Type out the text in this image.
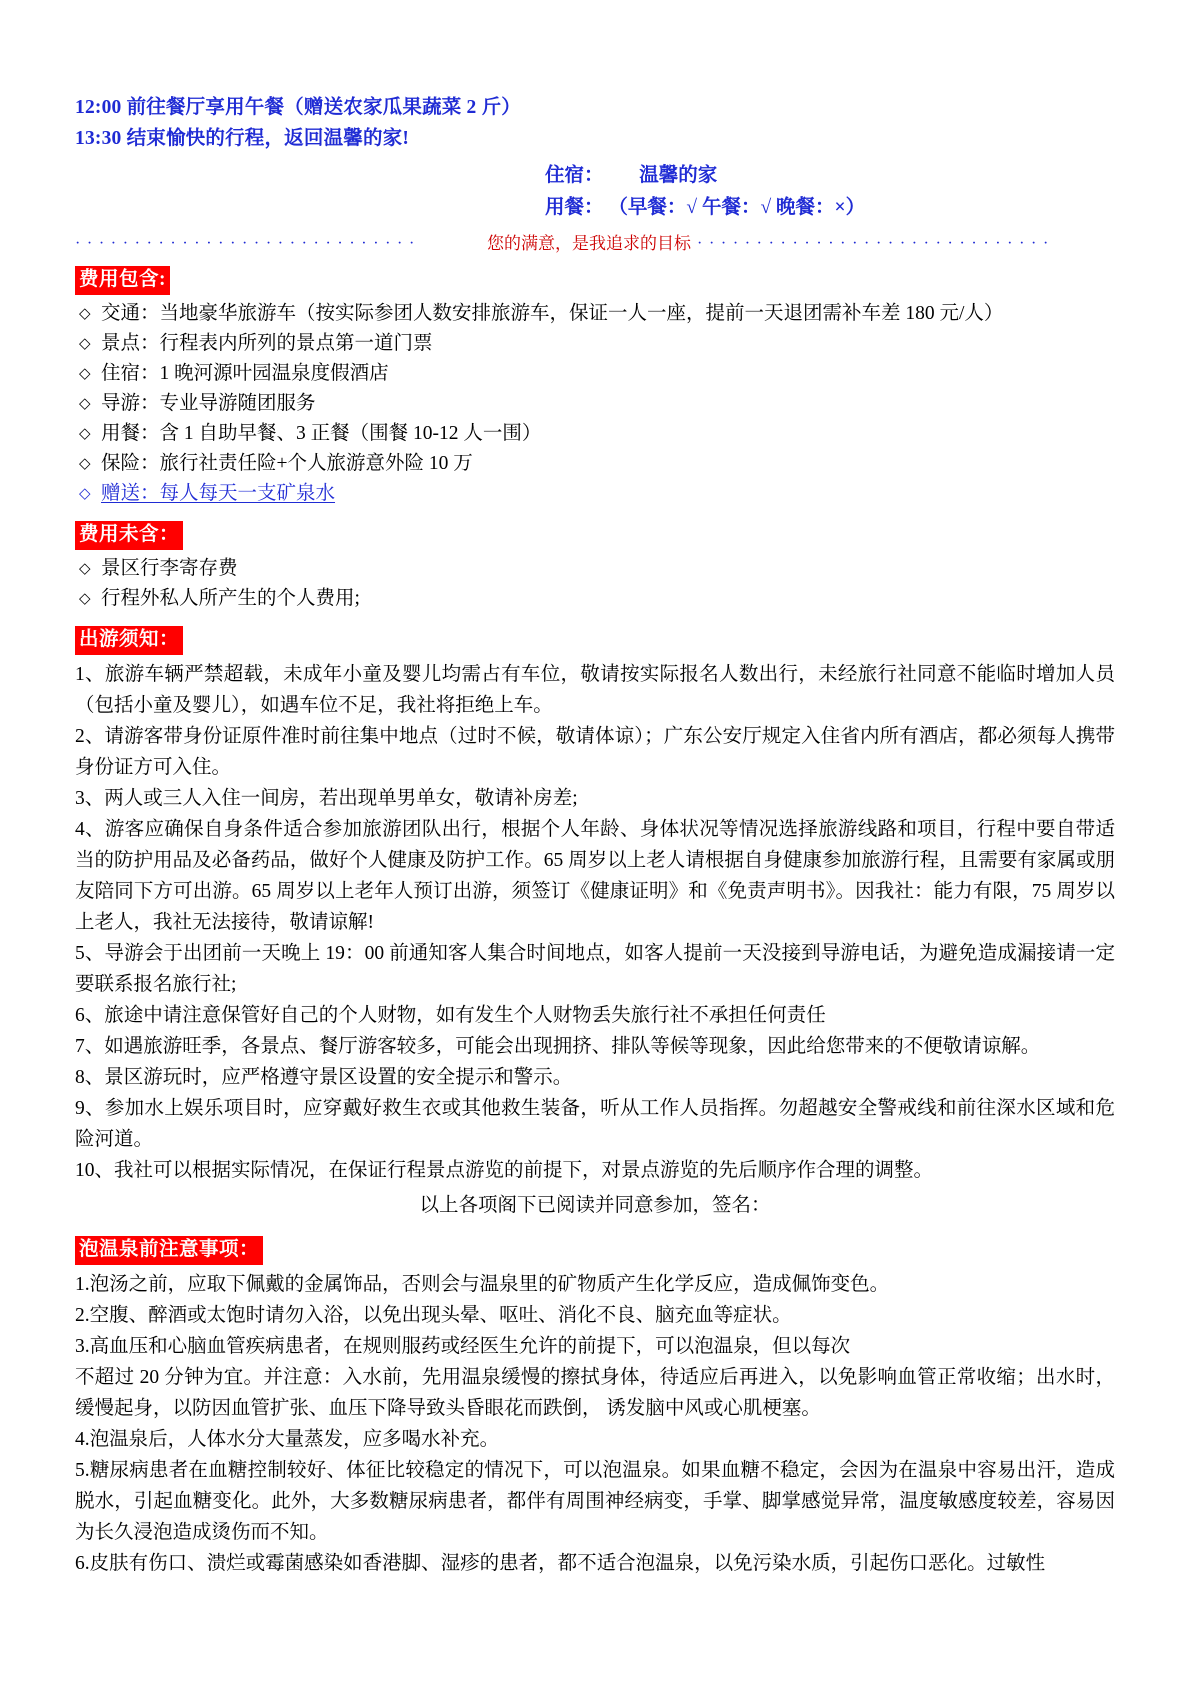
12:00 前往餐厅享用午餐（赠送农家瓜果蔬菜 2 斤）
13:30 结束愉快的行程，返回温馨的家!
住宿： 温馨的家
用餐： （早餐：√ 午餐：√ 晚餐：×）
·····························	您的满意，是我追求的目标 ······························
费用包含:
◇ 交通：当地豪华旅游车（按实际参团人数安排旅游车，保证一人一座，提前一天退团需补车差 180 元/人）
◇ 景点：行程表内所列的景点第一道门票
◇ 住宿：1 晚河源叶园温泉度假酒店
◇ 导游：专业导游随团服务
◇ 用餐：含 1 自助早餐、3 正餐（围餐 10-12 人一围）
◇ 保险：旅行社责任险+个人旅游意外险 10 万
◇ 赠送：每人每天一支矿泉水
费用未含：
◇ 景区行李寄存费
◇ 行程外私人所产生的个人费用;
出游须知：

1、旅游车辆严禁超载，未成年小童及婴儿均需占有车位，敬请按实际报名人数出行，未经旅行社同意不能临时增加人员（包括小童及婴儿），如遇车位不足，我社将拒绝上车。

2、请游客带身份证原件准时前往集中地点（过时不候，敬请体谅）；广东公安厅规定入住省内所有酒店，都必须每人携带身份证方可入住。

3、两人或三人入住一间房，若出现单男单女，敬请补房差;

4、游客应确保自身条件适合参加旅游团队出行，根据个人年龄、身体状况等情况选择旅游线路和项目，行程中要自带适当的防护用品及必备药品，做好个人健康及防护工作。65 周岁以上老人请根据自身健康参加旅游行程，且需要有家属或朋友陪同下方可出游。65 周岁以上老年人预订出游，须签订《健康证明》和《免责声明书》。因我社：能力有限，75 周岁以上老人，我社无法接待，敬请谅解!

5、导游会于出团前一天晚上 19：00 前通知客人集合时间地点，如客人提前一天没接到导游电话，为避免造成漏接请一定要联系报名旅行社;

6、旅途中请注意保管好自己的个人财物，如有发生个人财物丢失旅行社不承担任何责任

7、如遇旅游旺季，各景点、餐厅游客较多，可能会出现拥挤、排队等候等现象，因此给您带来的不便敬请谅解。

8、景区游玩时，应严格遵守景区设置的安全提示和警示。

9、参加水上娱乐项目时，应穿戴好救生衣或其他救生装备，听从工作人员指挥。勿超越安全警戒线和前往深水区域和危险河道。

10、我社可以根据实际情况，在保证行程景点游览的前提下，对景点游览的先后顺序作合理的调整。

以上各项阁下已阅读并同意参加，签名：
泡温泉前注意事项：

1.泡汤之前，应取下佩戴的金属饰品，否则会与温泉里的矿物质产生化学反应，造成佩饰变色。

2.空腹、醉酒或太饱时请勿入浴，以免出现头晕、呕吐、消化不良、脑充血等症状。

3.高血压和心脑血管疾病患者，在规则服药或经医生允许的前提下，可以泡温泉，但以每次

不超过 20 分钟为宜。并注意：入水前，先用温泉缓慢的擦拭身体，待适应后再进入，以免影响血管正常收缩；出水时，缓慢起身，以防因血管扩张、血压下降导致头昏眼花而跌倒， 诱发脑中风或心肌梗塞。

4.泡温泉后，人体水分大量蒸发，应多喝水补充。

5.糖尿病患者在血糖控制较好、体征比较稳定的情况下，可以泡温泉。如果血糖不稳定，会因为在温泉中容易出汗，造成脱水，引起血糖变化。此外，大多数糖尿病患者，都伴有周围神经病变，手掌、脚掌感觉异常，温度敏感度较差，容易因为长久浸泡造成烫伤而不知。

6.皮肤有伤口、溃烂或霉菌感染如香港脚、湿疹的患者，都不适合泡温泉，以免污染水质，引起伤口恶化。过敏性
